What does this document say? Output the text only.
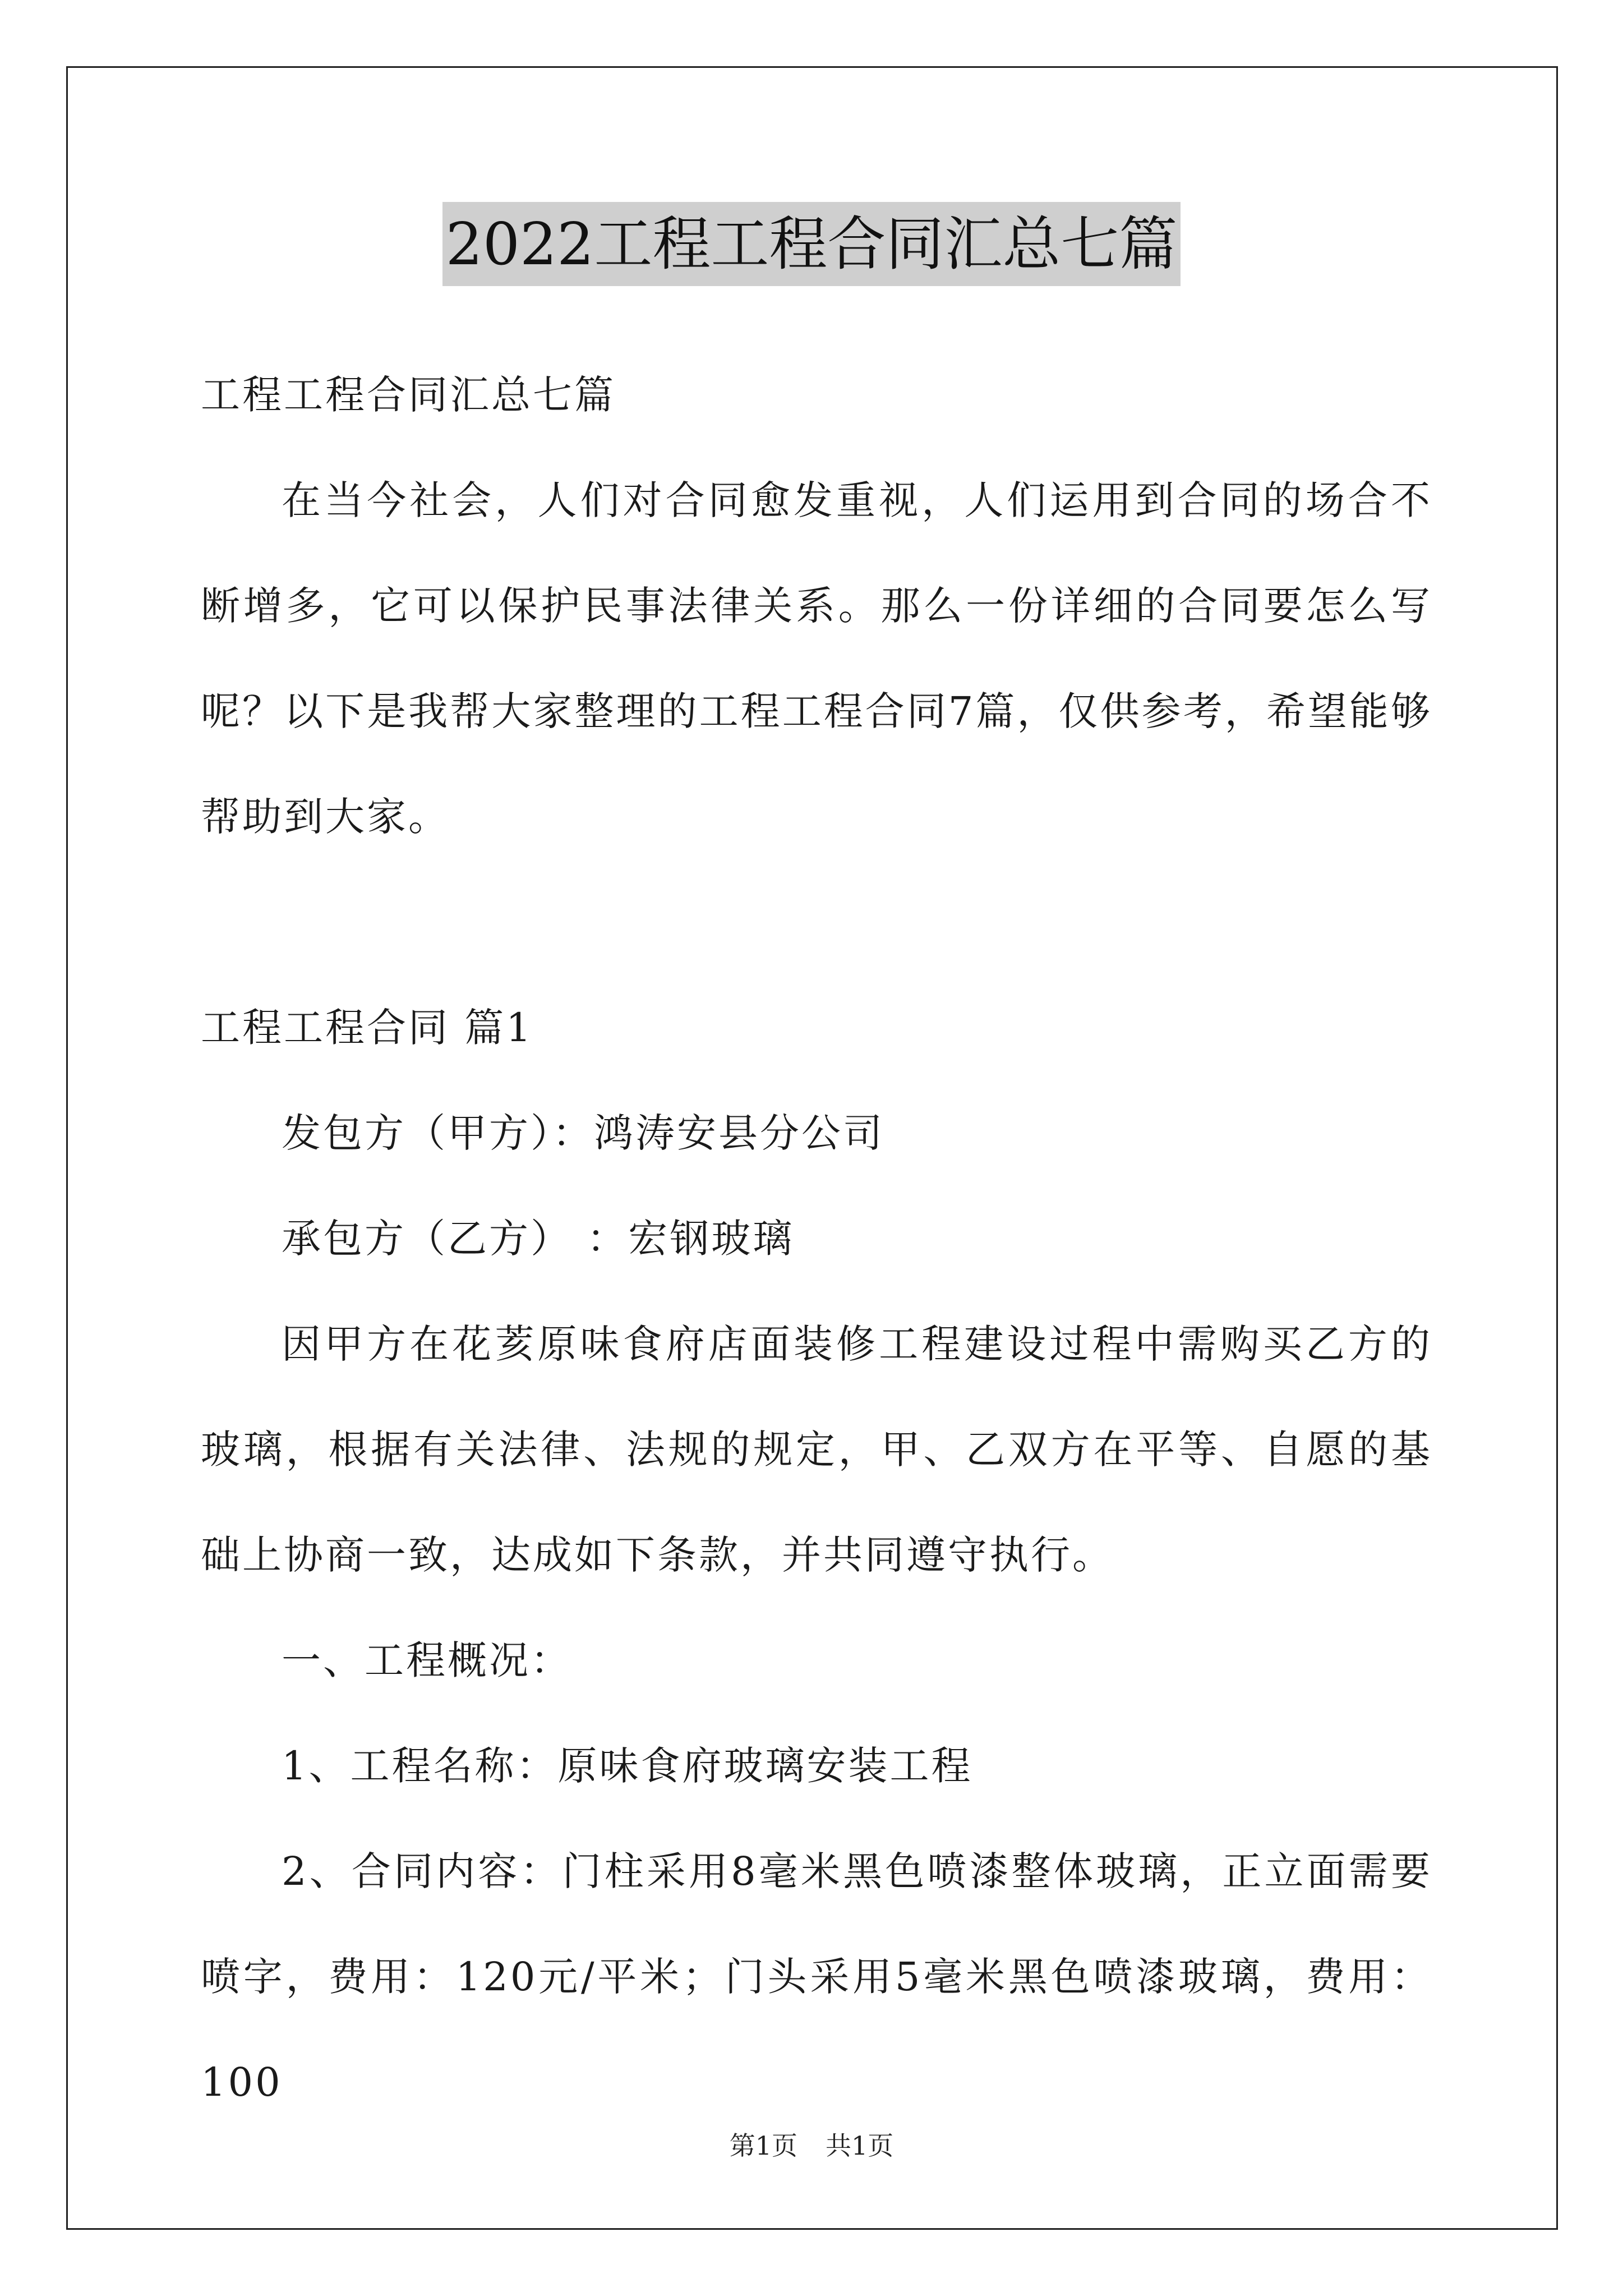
2022工程工程合同汇总七篇

工程工程合同汇总七篇

在当今社会，人们对合同愈发重视，人们运用到合同的场合不断增多，它可以保护民事法律关系。那么一份详细的合同要怎么写呢？以下是我帮大家整理的工程工程合同7篇，仅供参考，希望能够帮助到大家。

工程工程合同 篇1

发包方（甲方）：鸿涛安县分公司

承包方（乙方） ：宏钢玻璃

因甲方在花荄原味食府店面装修工程建设过程中需购买乙方的玻璃，根据有关法律、法规的规定，甲、乙双方在平等、自愿的基础上协商一致，达成如下条款，并共同遵守执行。

一、工程概况：

1、工程名称：原味食府玻璃安装工程

2、合同内容：门柱采用8毫米黑色喷漆整体玻璃，正立面需要喷字，费用：120元/平米；门头采用5毫米黑色喷漆玻璃，费用：100

第1页 共1页
